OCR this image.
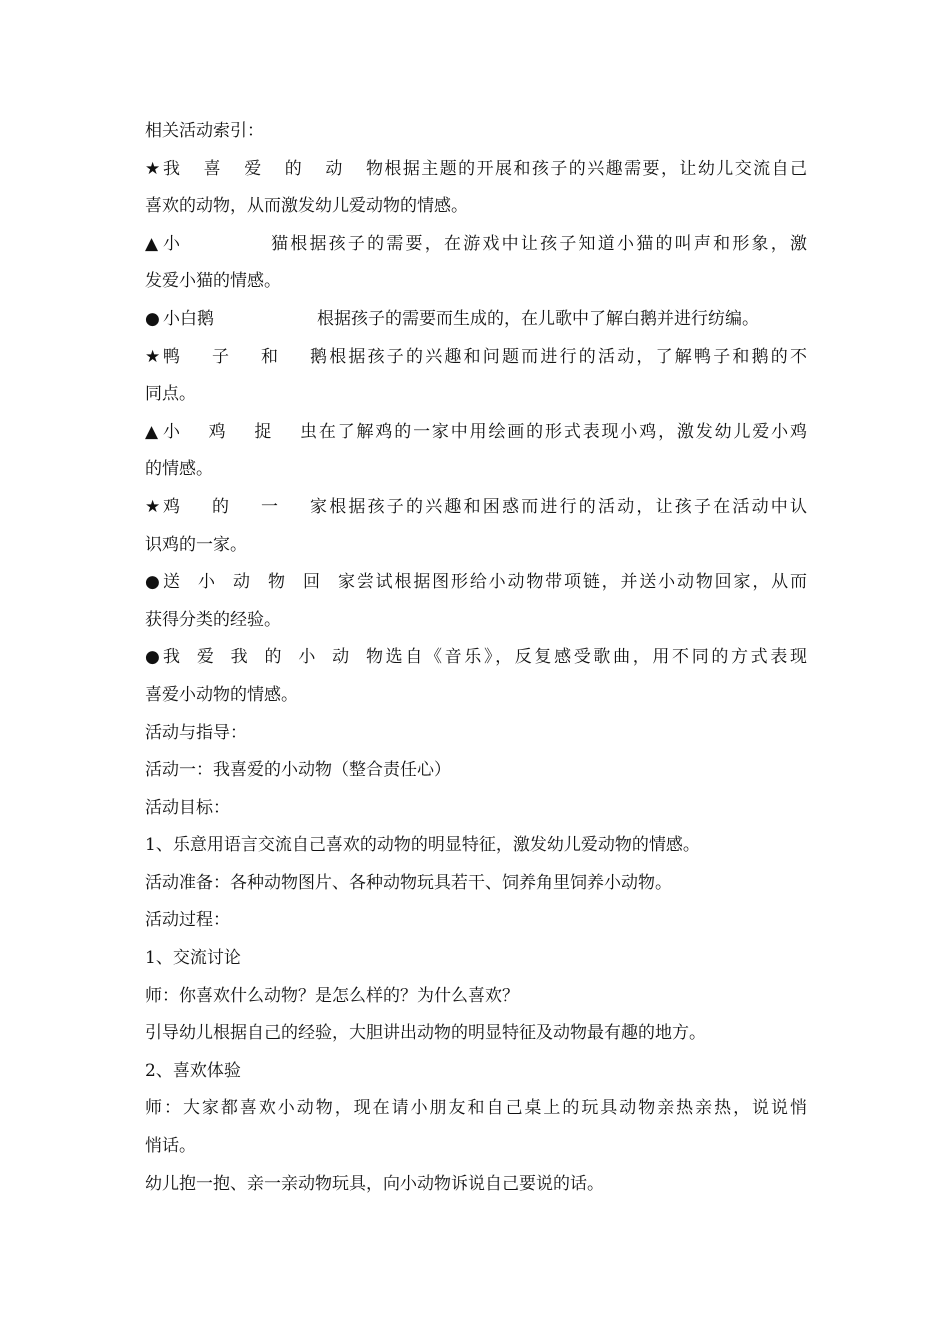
相关活动索引：
★ 我喜爱的动物根据主题的开展和孩子的兴趣需要，让幼儿交流自己
喜欢的动物，从而激发幼儿爱动物的情感。
▲ 小猫根据孩子的需要，在游戏中让孩子知道小猫的叫声和形象，激
发爱小猫的情感。
● 小白鹅	根据孩子的需要而生成的，在儿歌中了解白鹅并进行纺编。
★ 鸭子和鹅根据孩子的兴趣和问题而进行的活动，了解鸭子和鹅的不
同点。
▲ 小鸡捉虫在了解鸡的一家中用绘画的形式表现小鸡，激发幼儿爱小鸡
的情感。
★ 鸡的一家根据孩子的兴趣和困惑而进行的活动，让孩子在活动中认
识鸡的一家。
● 送小动物回家尝试根据图形给小动物带项链，并送小动物回家，从而
获得分类的经验。
● 我爱我的小动物选自《音乐》，反复感受歌曲，用不同的方式表现
喜爱小动物的情感。
活动与指导：
活动一：我喜爱的小动物（整合责任心）
活动目标：
1、乐意用语言交流自己喜欢的动物的明显特征，激发幼儿爱动物的情感。
活动准备：各种动物图片、各种动物玩具若干、饲养角里饲养小动物。
活动过程：
1、交流讨论
师：你喜欢什么动物？是怎么样的？为什么喜欢？
引导幼儿根据自己的经验，大胆讲出动物的明显特征及动物最有趣的地方。
2、喜欢体验
师：大家都喜欢小动物，现在请小朋友和自己桌上的玩具动物亲热亲热，说说悄
悄话。
幼儿抱一抱、亲一亲动物玩具，向小动物诉说自己要说的话。
